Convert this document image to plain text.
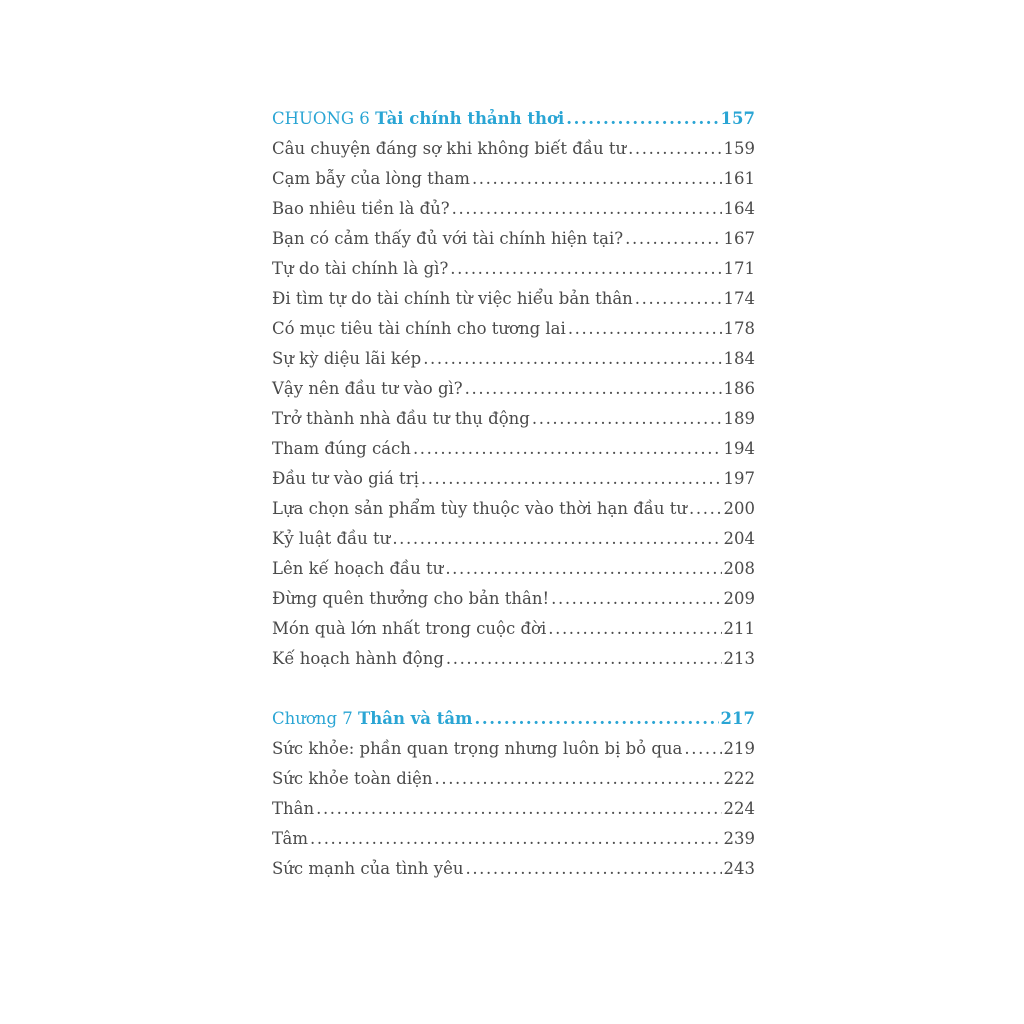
CHUONG 6 Tài chính thảnh thơi .....	157
Câu chuyện đáng sợ khi không biết đầu tư .....	159
Cạm bẫy của lòng tham .....	161
Bao nhiêu tiền là đủ? .....	164
Bạn có cảm thấy đủ với tài chính hiện tại? .....	167
Tự do tài chính là gì? .....	171
Đi tìm tự do tài chính từ việc hiểu bản thân .....	174
Có mục tiêu tài chính cho tương lai .....	178
Sự kỳ diệu lãi kép .....	184
Vậy nên đầu tư vào gì? .....	186
Trở thành nhà đầu tư thụ động .....	189
Tham đúng cách .....	194
Đầu tư vào giá trị .....	197
Lựa chọn sản phẩm tùy thuộc vào thời hạn đầu tư ..... 200
Kỷ luật đầu tư .....	204
Lên kế hoạch đầu tư .....	208
Đừng quên thưởng cho bản thân! .....	209
Món quà lớn nhất trong cuộc đời .....	211
Kế hoạch hành động .....	213
Chương 7 Thân và tâm .....	217
Sức khỏe: phần quan trọng nhưng luôn bị bỏ qua ..... 219
Sức khỏe toàn diện .....	222
Thân .....	224
Tâm .....	239
Sức mạnh của tình yêu .....	243
